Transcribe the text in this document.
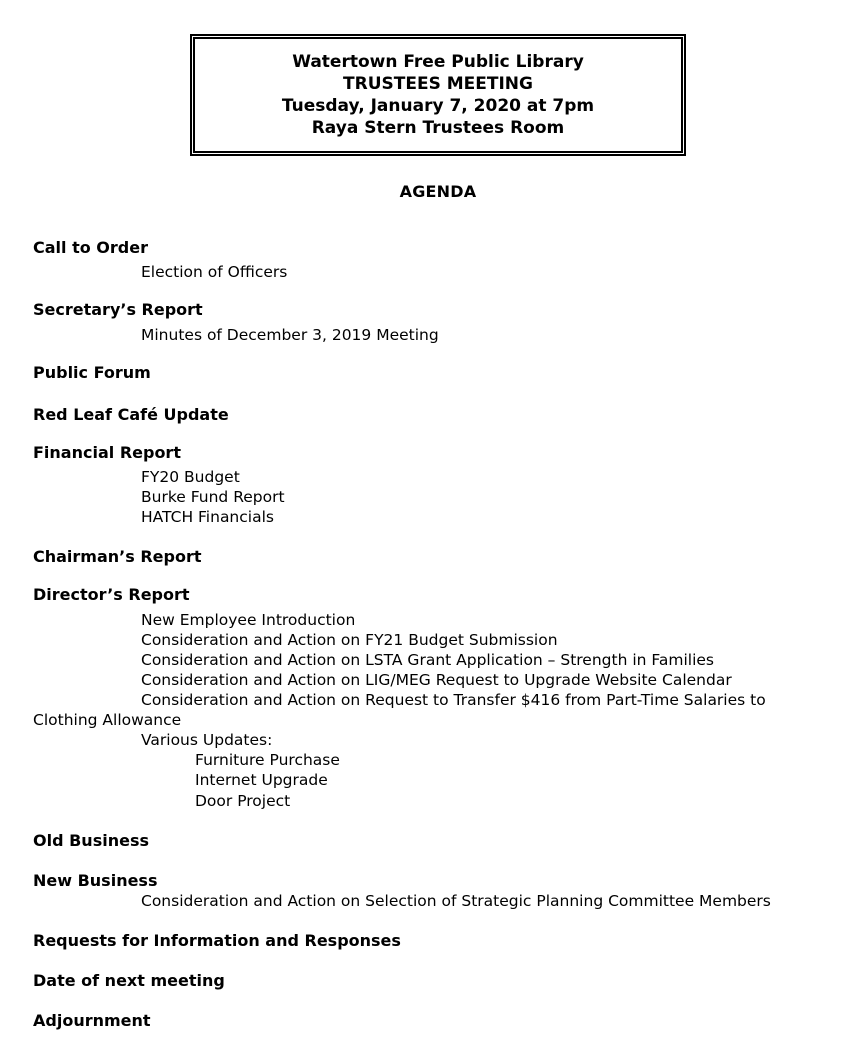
Watertown Free Public Library
TRUSTEES MEETING
Tuesday, January 7, 2020 at 7pm
Raya Stern Trustees Room
AGENDA
Call to Order
Election of Officers
Secretary’s Report
Minutes of December 3, 2019 Meeting
Public Forum
Red Leaf Café Update
Financial Report
FY20 Budget
Burke Fund Report
HATCH Financials
Chairman’s Report
Director’s Report
New Employee Introduction
Consideration and Action on FY21 Budget Submission
Consideration and Action on LSTA Grant Application – Strength in Families
Consideration and Action on LIG/MEG Request to Upgrade Website Calendar
Consideration and Action on Request to Transfer $416 from Part-Time Salaries to
Clothing Allowance
Various Updates:
Furniture Purchase
Internet Upgrade
Door Project
Old Business
New Business
Consideration and Action on Selection of Strategic Planning Committee Members
Requests for Information and Responses
Date of next meeting
Adjournment
